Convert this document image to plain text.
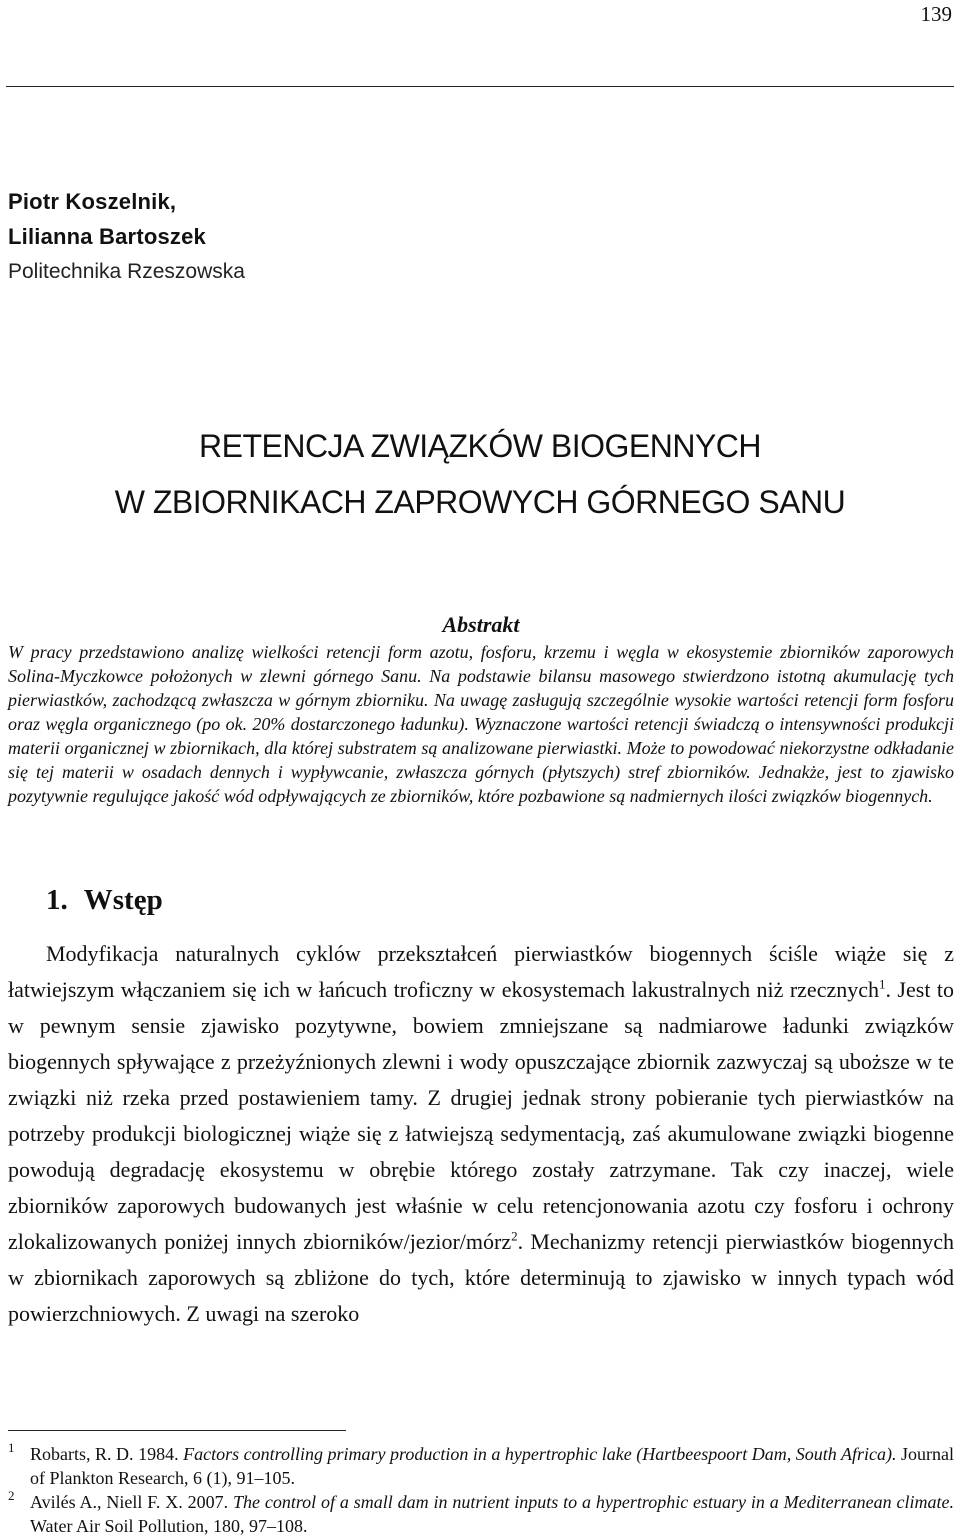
139
Piotr Koszelnik,
Lilianna Bartoszek
Politechnika Rzeszowska
RETENCJA ZWIĄZKÓW BIOGENNYCH
W ZBIORNIKACH ZAPROWYCH GÓRNEGO SANU

Abstrakt

W pracy przedstawiono analizę wielkości retencji form azotu, fosforu, krzemu i węgla w ekosystemie zbiorników zaporowych Solina-Myczkowce położonych w zlewni górnego Sanu. Na podstawie bilansu masowego stwierdzono istotną akumulację tych pierwiastków, zachodzącą zwłaszcza w górnym zbiorniku. Na uwagę zasługują szczególnie wysokie wartości retencji form fosforu oraz węgla organicznego (po ok. 20% dostarczonego ładunku). Wyznaczone wartości retencji świadczą o intensywności produkcji materii organicznej w zbiornikach, dla której substratem są analizowane pierwiastki. Może to powodować niekorzystne odkładanie się tej materii w osadach dennych i wypływcanie, zwłaszcza górnych (płytszych) stref zbiorników. Jednakże, jest to zjawisko pozytywnie regulujące jakość wód odpływających ze zbiorników, które pozbawione są nadmiernych ilości związków biogennych.

1. Wstęp

Modyfikacja naturalnych cyklów przekształceń pierwiastków biogennych ściśle wiąże się z łatwiejszym włączaniem się ich w łańcuch troficzny w ekosystemach lakustralnych niż rzecznych$^1$. Jest to w pewnym sensie zjawisko pozytywne, bowiem zmniejszane są nadmiarowe ładunki związków biogennych spływające z przeżyźnionych zlewni i wody opuszczające zbiornik zazwyczaj są uboższe w te związki niż rzeka przed postawieniem tamy. Z drugiej jednak strony pobieranie tych pierwiastków na potrzeby produkcji biologicznej wiąże się z łatwiejszą sedymentacją, zaś akumulowane związki biogenne powodują degradację ekosystemu w obrębie którego zostały zatrzymane. Tak czy inaczej, wiele zbiorników zaporowych budowanych jest właśnie w celu retencjonowania azotu czy fosforu i ochrony zlokalizowanych poniżej innych zbiorników/jezior/mórz$^2$. Mechanizmy retencji pierwiastków biogennych w zbiornikach zaporowych są zbliżone do tych, które determinują to zjawisko w innych typach wód powierzchniowych. Z uwagi na szeroko

1 Robarts, R. D. 1984. Factors controlling primary production in a hypertrophic lake (Hartbeespoort Dam, South Africa). Journal of Plankton Research, 6 (1), 91–105.
2 Avilés A., Niell F. X. 2007. The control of a small dam in nutrient inputs to a hypertrophic estuary in a Mediterranean climate. Water Air Soil Pollution, 180, 97–108.
